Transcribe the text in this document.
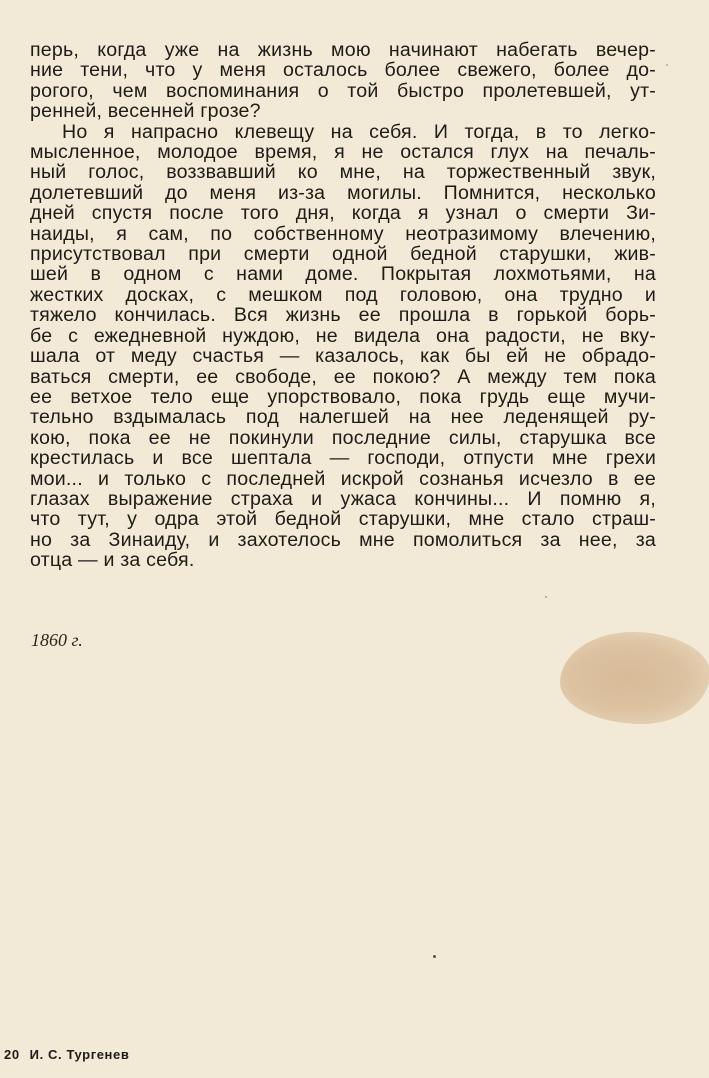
перь, когда уже на жизнь мою начинают набегать вечер-
ние тени, что у меня осталось более свежего, более до-
рогого, чем воспоминания о той быстро пролетевшей, ут-
ренней, весенней грозе?
Но я напрасно клевещу на себя. И тогда, в то легко-
мысленное, молодое время, я не остался глух на печаль-
ный голос, воззвавший ко мне, на торжественный звук,
долетевший до меня из-за могилы. Помнится, несколько
дней спустя после того дня, когда я узнал о смерти Зи-
наиды, я сам, по собственному неотразимому влечению,
присутствовал при смерти одной бедной старушки, жив-
шей в одном с нами доме. Покрытая лохмотьями, на
жестких досках, с мешком под головою, она трудно и
тяжело кончилась. Вся жизнь ее прошла в горькой борь-
бе с ежедневной нуждою, не видела она радости, не вку-
шала от меду счастья — казалось, как бы ей не обрадо-
ваться смерти, ее свободе, ее покою? А между тем пока
ее ветхое тело еще упорствовало, пока грудь еще мучи-
тельно вздымалась под налегшей на нее леденящей ру-
кою, пока ее не покинули последние силы, старушка все
крестилась и все шептала — господи, отпусти мне грехи
мои... и только с последней искрой сознанья исчезло в ее
глазах выражение страха и ужаса кончины... И помню я,
что тут, у одра этой бедной старушки, мне стало страш-
но за Зинаиду, и захотелось мне помолиться за нее, за
отца — и за себя.
1860 г.
20 И. С. Тургенев
